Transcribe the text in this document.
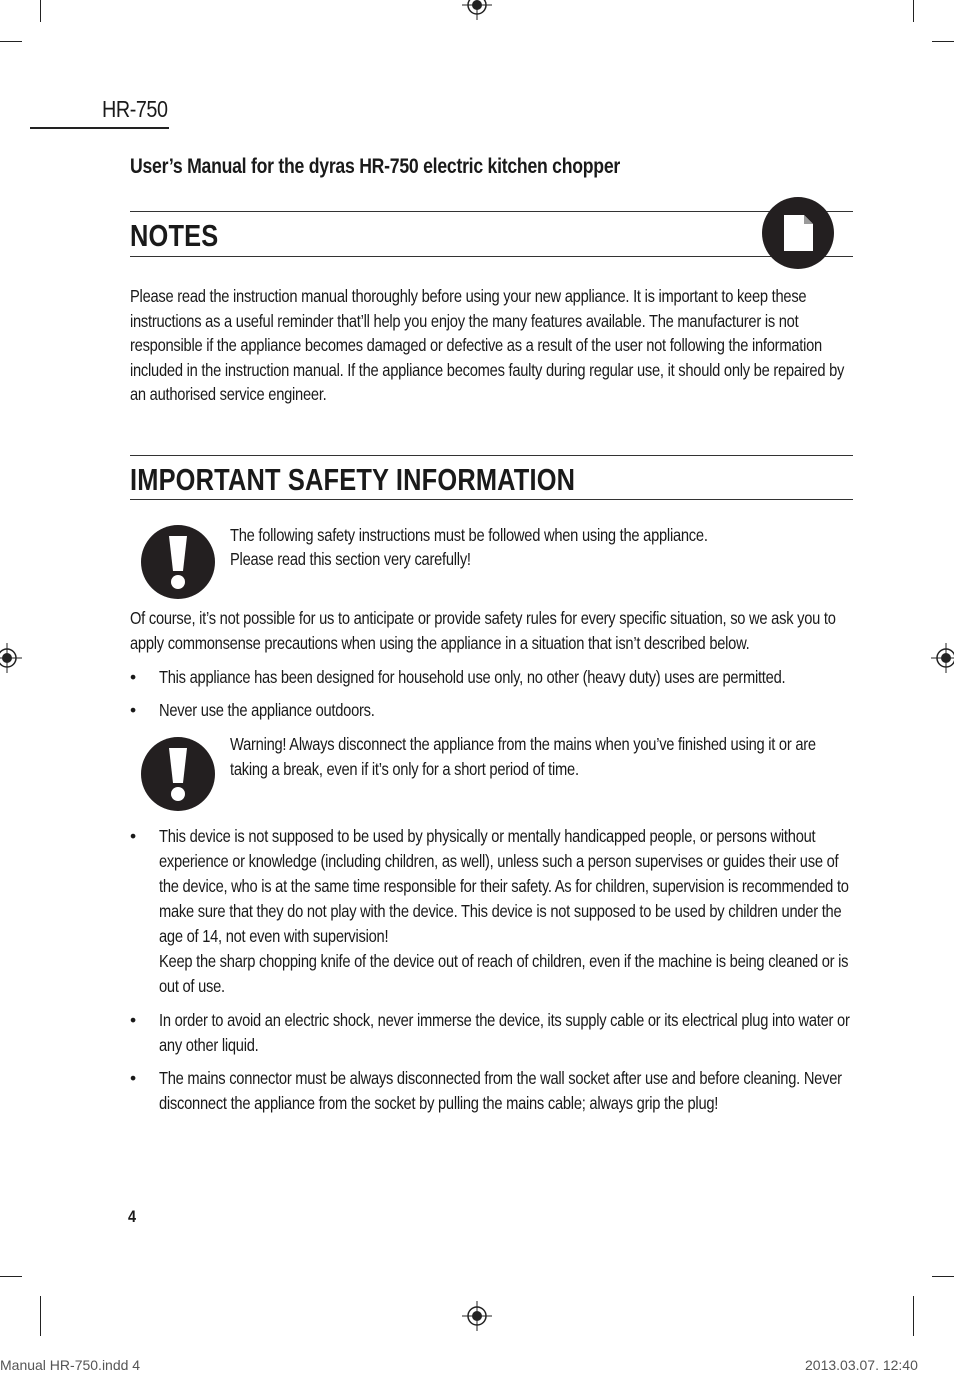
HR-750
User’s Manual for the dyras HR-750 electric kitchen chopper
NOTES
Please read the instruction manual thoroughly before using your new appliance. It is important to keep these instructions as a useful reminder that’ll help you enjoy the many features available. The manufacturer is not responsible if the appliance becomes damaged or defective as a result of the user not following the information included in the instruction manual. If the appliance becomes faulty during regular use, it should only be repaired by an authorised service engineer.
IMPORTANT SAFETY INFORMATION
The following safety instructions must be followed when using the appliance.
Please read this section very carefully!
Of course, it’s not possible for us to anticipate or provide safety rules for every specific situation, so we ask you to apply commonsense precautions when using the appliance in a situation that isn’t described below.
•	This appliance has been designed for household use only, no other (heavy duty) uses are permitted.
•	Never use the appliance outdoors.
Warning! Always disconnect the appliance from the mains when you’ve finished using it or are taking a break, even if it’s only for a short period of time.
•	This device is not supposed to be used by physically or mentally handicapped people, or persons without experience or knowledge (including children, as well), unless such a person supervises or guides their use of the device, who is at the same time responsible for their safety. As for children, supervision is recommended to make sure that they do not play with the device. This device is not supposed to be used by children under the age of 14, not even with supervision!
Keep the sharp chopping knife of the device out of reach of children, even if the machine is being cleaned or is out of use.
•	In order to avoid an electric shock, never immerse the device, its supply cable or its electrical plug into water or any other liquid.
•	The mains connector must be always disconnected from the wall socket after use and before cleaning. Never disconnect the appliance from the socket by pulling the mains cable; always grip the plug!
4
Manual HR-750.indd 4	2013.03.07. 12:40
